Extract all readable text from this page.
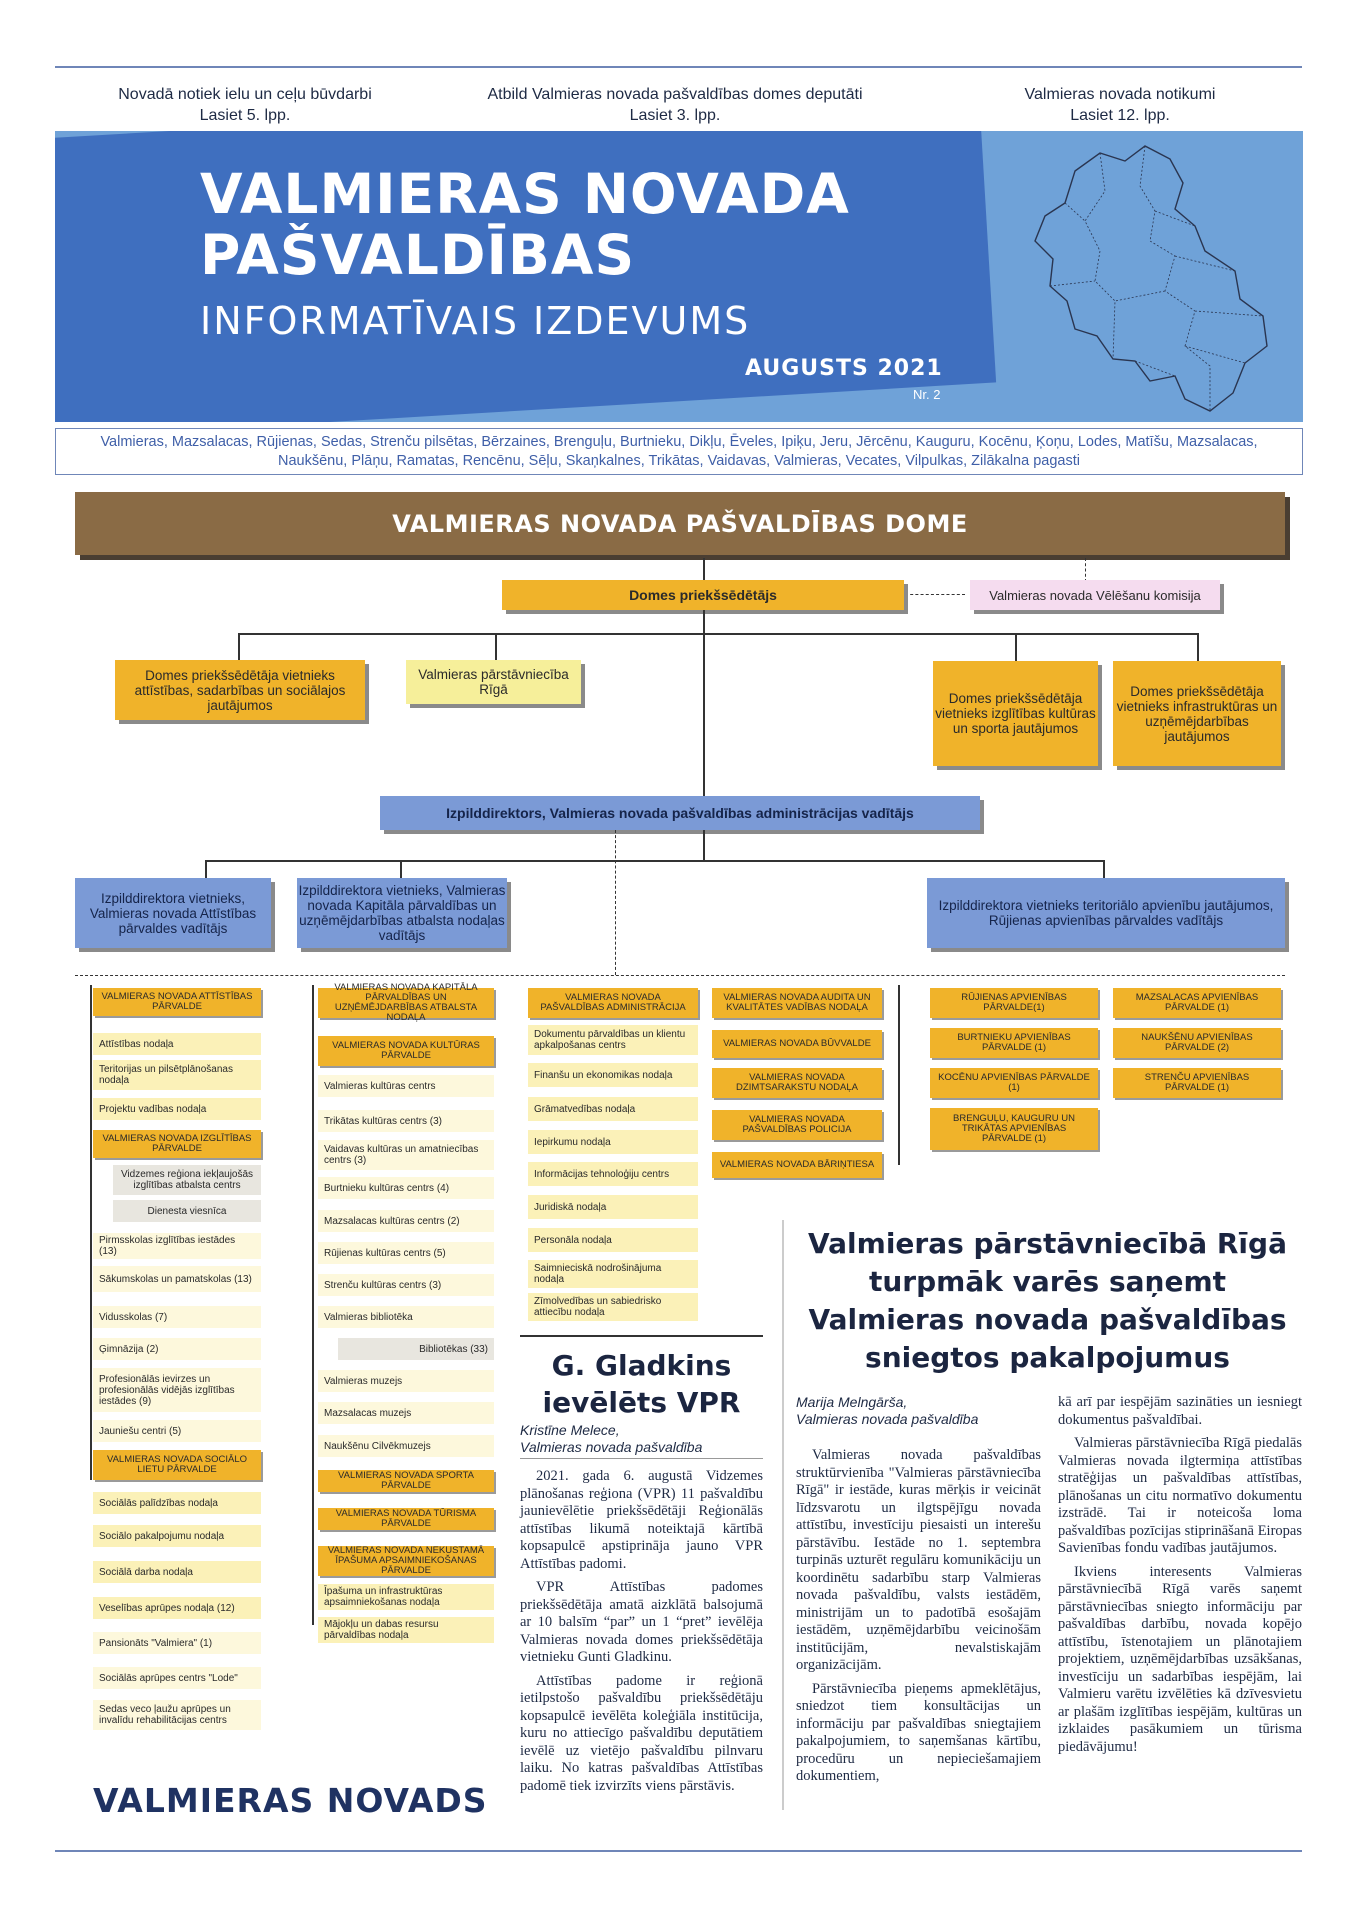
Novadā notiek ielu un ceļu būvdarbi
Lasiet 5. lpp.
Atbild Valmieras novada pašvaldības domes deputāti
Lasiet 3. lpp.
Valmieras novada notikumi
Lasiet 12. lpp.
VALMIERAS NOVADA
PAŠVALDĪBAS
INFORMATĪVAIS IZDEVUMS
AUGUSTS 2021
Nr. 2
Valmieras, Mazsalacas, Rūjienas, Sedas, Strenču pilsētas, Bērzaines, Brenguļu, Burtnieku, Dikļu, Ēveles, Ipiķu, Jeru, Jērcēnu, Kauguru, Kocēnu, Ķoņu, Lodes, Matīšu, Mazsalacas, Naukšēnu, Plāņu, Ramatas, Rencēnu, Sēļu, Skaņkalnes, Trikātas, Vaidavas, Valmieras, Vecates, Vilpulkas, Zilākalna pagasti
VALMIERAS NOVADA PAŠVALDĪBAS DOME
Domes priekšsēdētājs	Valmieras novada Vēlēšanu komisija
Domes priekšsēdētāja vietnieks attīstības, sadarbības un sociālajos jautājumos
Valmieras pārstāvniecība Rīgā
Domes priekšsēdētāja vietnieks izglītības kultūras un sporta jautājumos
Domes priekšsēdētāja vietnieks infrastruktūras un uzņēmējdarbības jautājumos
Izpilddirektors, Valmieras novada pašvaldības administrācijas vadītājs
Izpilddirektora vietnieks, Valmieras novada Attīstības pārvaldes vadītājs
Izpilddirektora vietnieks, Valmieras novada Kapitāla pārvaldības un uzņēmējdarbības atbalsta nodaļas vadītājs
Izpilddirektora vietnieks teritoriālo apvienību jautājumos, Rūjienas apvienības pārvaldes vadītājs
VALMIERAS NOVADA ATTĪSTĪBAS PĀRVALDE
Attīstības nodaļa
Teritorijas un pilsētplānošanas nodaļa
Projektu vadības nodaļa
VALMIERAS NOVADA IZGLĪTĪBAS PĀRVALDE
Vidzemes reģiona iekļaujošās izglītības atbalsta centrs
Dienesta viesnīca
Pirmsskolas izglītības iestādes (13)
Sākumskolas un pamatskolas (13)
Vidusskolas (7)
Ģimnāzija (2)
Profesionālās ievirzes un profesionālās vidējās izglītības iestādes (9)
Jauniešu centri (5)
VALMIERAS NOVADA SOCIĀLO LIETU PĀRVALDE
Sociālās palīdzības nodaļa
Sociālo pakalpojumu nodaļa
Sociālā darba nodaļa
Veselības aprūpes nodaļa (12)
Pansionāts "Valmiera" (1)
Sociālās aprūpes centrs "Lode"
Sedas veco ļaužu aprūpes un invalīdu rehabilitācijas centrs
VALMIERAS NOVADA KAPITĀLA PĀRVALDĪBAS UN UZŅĒMĒJDARBĪBAS ATBALSTA NODAĻA
VALMIERAS NOVADA KULTŪRAS PĀRVALDE
Valmieras kultūras centrs
Trikātas kultūras centrs (3)
Vaidavas kultūras un amatniecības centrs (3)
Burtnieku kultūras centrs (4)
Mazsalacas kultūras centrs (2)
Rūjienas kultūras centrs (5)
Strenču kultūras centrs (3)
Valmieras bibliotēka
Bibliotēkas (33)
Valmieras muzejs
Mazsalacas muzejs
Naukšēnu Cilvēkmuzejs
VALMIERAS NOVADA SPORTA PĀRVALDE
VALMIERAS NOVADA TŪRISMA PĀRVALDE
VALMIERAS NOVADA NEKUSTAMĀ ĪPAŠUMA APSAIMNIEKOŠANAS PĀRVALDE
Īpašuma un infrastruktūras apsaimniekošanas nodaļa
Mājokļu un dabas resursu pārvaldības nodaļa
VALMIERAS NOVADA PAŠVALDĪBAS ADMINISTRĀCIJA
Dokumentu pārvaldības un klientu apkalpošanas centrs
Finanšu un ekonomikas nodaļa
Grāmatvedības nodaļa
Iepirkumu nodaļa
Informācijas tehnoloģiju centrs
Juridiskā nodaļa
Personāla nodaļa
Saimnieciskā nodrošinājuma nodaļa
Zīmolvedības un sabiedrisko attiecību nodaļa
VALMIERAS NOVADA AUDITA UN KVALITĀTES VADĪBAS NODAĻA
VALMIERAS NOVADA BŪVVALDE
VALMIERAS NOVADA DZIMTSARAKSTU NODAĻA
VALMIERAS NOVADA PAŠVALDĪBAS POLICIJA
VALMIERAS NOVADA BĀRIŅTIESA
RŪJIENAS APVIENĪBAS PĀRVALDE(1)
BURTNIEKU APVIENĪBAS PĀRVALDE (1)
KOCĒNU APVIENĪBAS PĀRVALDE (1)
BRENGUĻU, KAUGURU UN TRIKĀTAS APVIENĪBAS PĀRVALDE (1)
MAZSALACAS APVIENĪBAS PĀRVALDE (1)
NAUKŠĒNU APVIENĪBAS PĀRVALDE (2)
STRENČU APVIENĪBAS PĀRVALDE (1)
G. Gladkins ievēlēts VPR
Kristīne Melece,
Valmieras novada pašvaldība

2021. gada 6. augustā Vidzemes plānošanas reģiona (VPR) 11 pašvaldību jaunievēlētie priekšsēdētāji Reģionālās attīstības likumā noteiktajā kārtībā kopsapulcē apstiprināja jauno VPR Attīstības padomi.

VPR Attīstības padomes priekšsēdētāja amatā aizklātā balsojumā ar 10 balsīm “par” un 1 “pret” ievēlēja Valmieras novada domes priekšsēdētāja vietnieku Gunti Gladkinu.

Attīstības padome ir reģionā ietilpstošo pašvaldību priekšsēdētāju kopsapulcē ievēlēta koleģiāla institūcija, kuru no attiecīgo pašvaldību deputātiem ievēlē uz vietējo pašvaldību pilnvaru laiku. No katras pašvaldības Attīstības padomē tiek izvirzīts viens pārstāvis.

Valmieras pārstāvniecībā Rīgā turpmāk varēs saņemt Valmieras novada pašvaldības sniegtos pakalpojumus
Marija Melngārša,
Valmieras novada pašvaldība

Valmieras novada pašvaldības struktūrvienība "Valmieras pārstāvniecība Rīgā" ir iestāde, kuras mērķis ir veicināt līdzsvarotu un ilgtspējīgu novada attīstību, investīciju piesaisti un interešu pārstāvību. Iestāde no 1. septembra turpinās uzturēt regulāru komunikāciju un koordinētu sadarbību starp Valmieras novada pašvaldību, valsts iestādēm, ministrijām un to padotībā esošajām iestādēm, uzņēmējdarbību veicinošām institūcijām, nevalstiskajām organizācijām.

Pārstāvniecība pieņems apmeklētājus, sniedzot tiem konsultācijas un informāciju par pašvaldības sniegtajiem pakalpojumiem, to saņemšanas kārtību, procedūru un nepieciešamajiem dokumentiem,

kā arī par iespējām sazināties un iesniegt dokumentus pašvaldībai.

Valmieras pārstāvniecība Rīgā piedalās Valmieras novada ilgtermiņa attīstības stratēģijas un pašvaldības attīstības, plānošanas un citu normatīvo dokumentu izstrādē. Tai ir noteicoša loma pašvaldības pozīcijas stiprināšanā Eiropas Savienības fondu vadības jautājumos.

Ikviens interesents Valmieras pārstāvniecībā Rīgā varēs saņemt pārstāvniecības sniegto informāciju par pašvaldības darbību, novada kopējo attīstību, īstenotajiem un plānotajiem projektiem, uzņēmējdarbības uzsākšanas, investīciju un sadarbības iespējām, lai Valmieru varētu izvēlēties kā dzīvesvietu ar plašām izglītības iespējām, kultūras un izklaides pasākumiem un tūrisma piedāvājumu!

VALMIERAS NOVADS
